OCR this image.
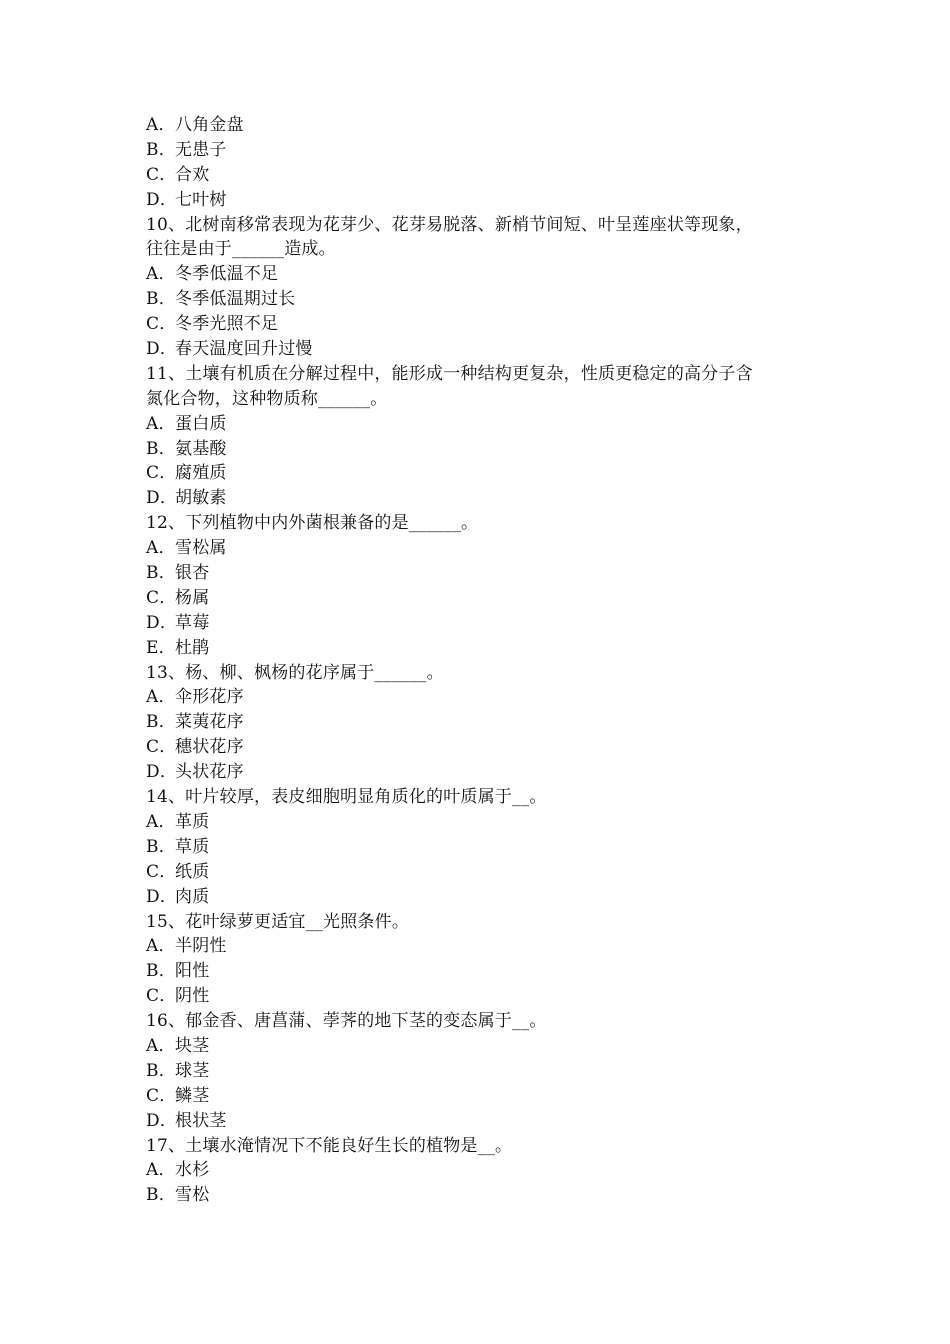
A．八角金盘
B．无患子
C．合欢
D．七叶树
10、北树南移常表现为花芽少、花芽易脱落、新梢节间短、叶呈莲座状等现象，
往往是由于______造成。
A．冬季低温不足
B．冬季低温期过长
C．冬季光照不足
D．春天温度回升过慢
11、土壤有机质在分解过程中，能形成一种结构更复杂，性质更稳定的高分子含
氮化合物，这种物质称______。
A．蛋白质
B．氨基酸
C．腐殖质
D．胡敏素
12、下列植物中内外菌根兼备的是______。
A．雪松属
B．银杏
C．杨属
D．草莓
E．杜鹃
13、杨、柳、枫杨的花序属于______。
A．伞形花序
B．菜荑花序
C．穗状花序
D．头状花序
14、叶片较厚，表皮细胞明显角质化的叶质属于__。
A．革质
B．草质
C．纸质
D．肉质
15、花叶绿萝更适宜__光照条件。
A．半阴性
B．阳性
C．阴性
16、郁金香、唐菖蒲、荸荠的地下茎的变态属于__。
A．块茎
B．球茎
C．鳞茎
D．根状茎
17、土壤水淹情况下不能良好生长的植物是__。
A．水杉
B．雪松
